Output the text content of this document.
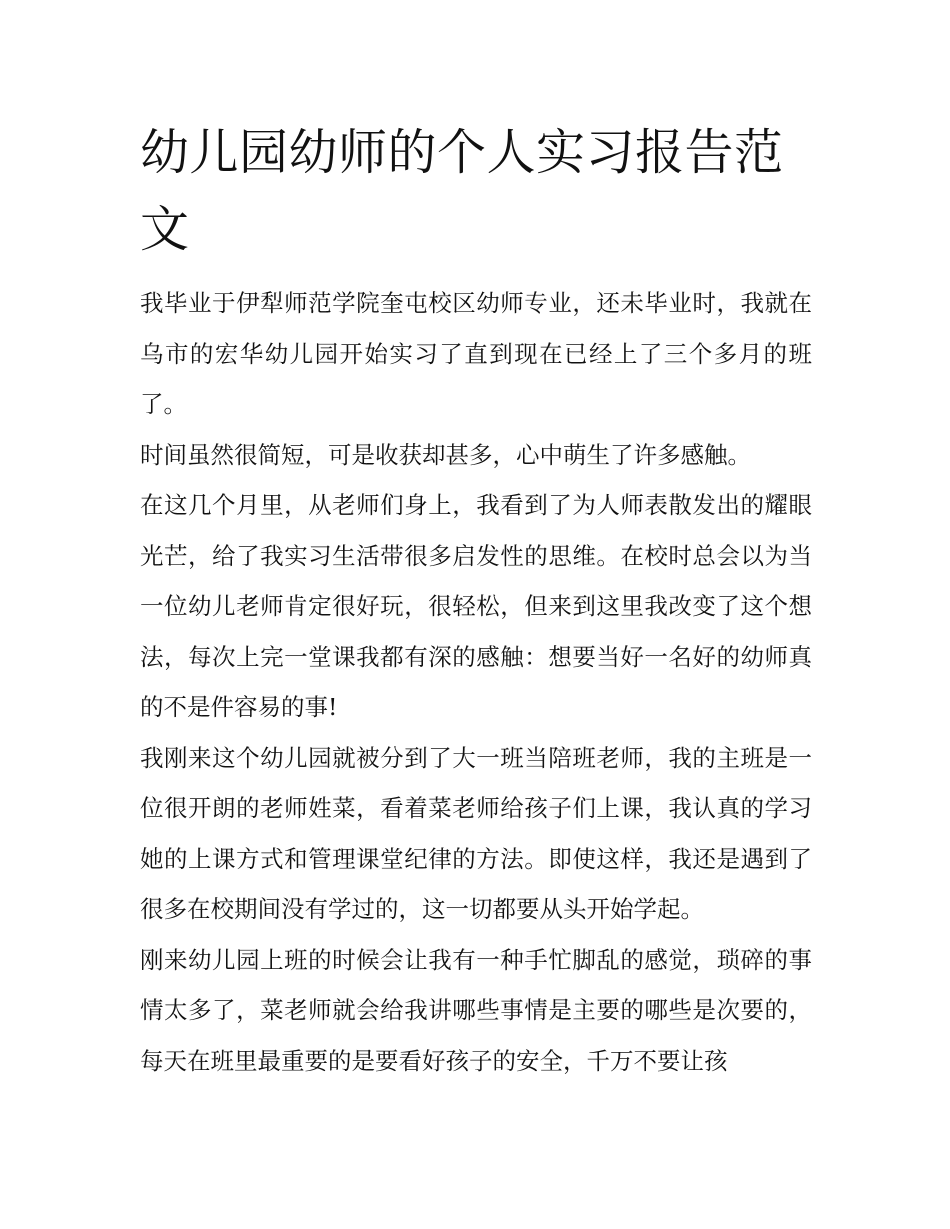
幼儿园幼师的个人实习报告范文

我毕业于伊犁师范学院奎屯校区幼师专业，还未毕业时，我就在乌市的宏华幼儿园开始实习了直到现在已经上了三个多月的班了。

时间虽然很简短，可是收获却甚多，心中萌生了许多感触。

在这几个月里，从老师们身上，我看到了为人师表散发出的耀眼光芒，给了我实习生活带很多启发性的思维。在校时总会以为当一位幼儿老师肯定很好玩，很轻松，但来到这里我改变了这个想法，每次上完一堂课我都有深的感触：想要当好一名好的幼师真的不是件容易的事!

我刚来这个幼儿园就被分到了大一班当陪班老师，我的主班是一位很开朗的老师姓菜，看着菜老师给孩子们上课，我认真的学习她的上课方式和管理课堂纪律的方法。即使这样，我还是遇到了很多在校期间没有学过的，这一切都要从头开始学起。

刚来幼儿园上班的时候会让我有一种手忙脚乱的感觉，琐碎的事情太多了，菜老师就会给我讲哪些事情是主要的哪些是次要的，每天在班里最重要的是要看好孩子的安全，千万不要让孩
